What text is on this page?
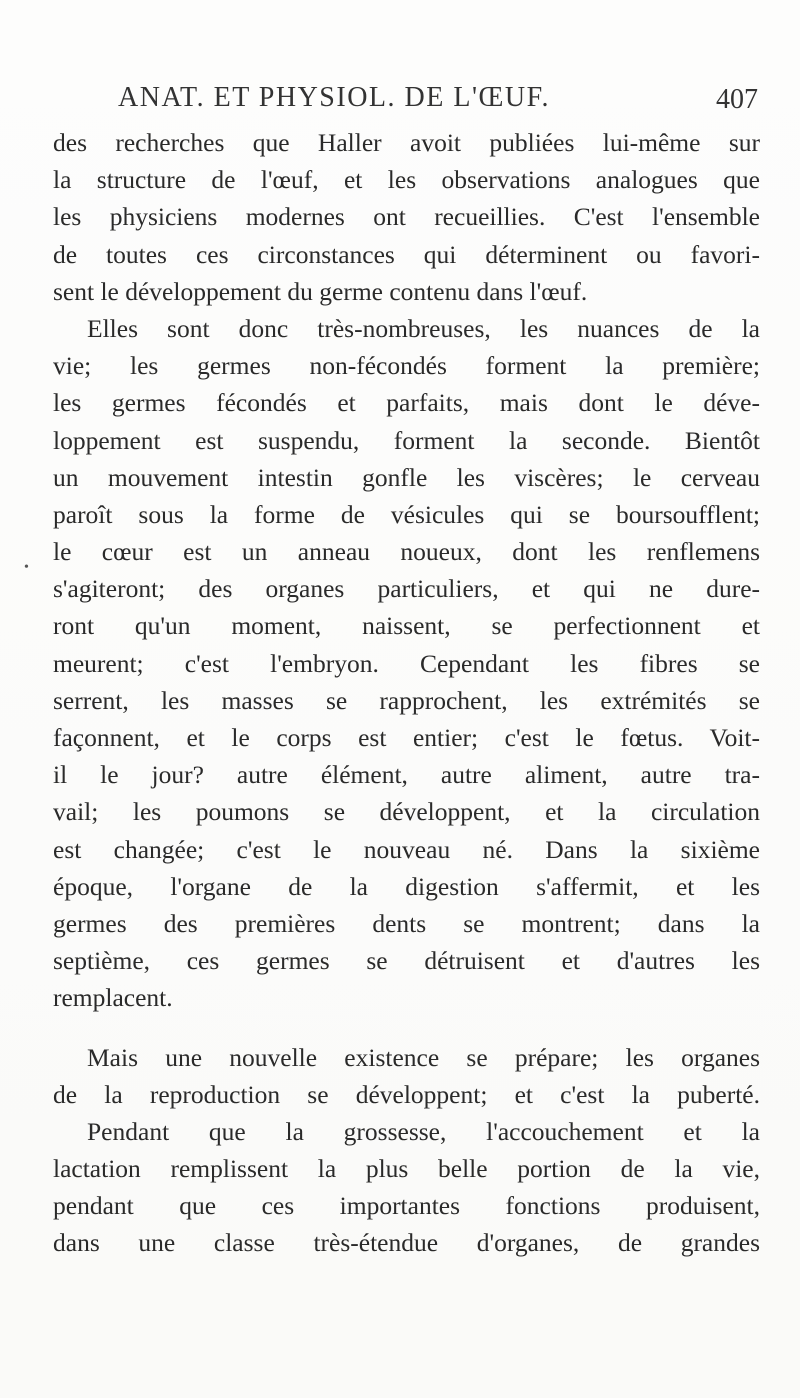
ANAT. ET PHYSIOL. DE L'ŒUF.	407
•
des recherches que Haller avoit publiées lui-même sur
la structure de l'œuf, et les observations analogues que
les physiciens modernes ont recueillies. C'est l'ensemble
de toutes ces circonstances qui déterminent ou favori-
sent le développement du germe contenu dans l'œuf.
Elles sont donc très-nombreuses, les nuances de la
vie; les germes non-fécondés forment la première;
les germes fécondés et parfaits, mais dont le déve-
loppement est suspendu, forment la seconde. Bientôt
un mouvement intestin gonfle les viscères; le cerveau
paroît sous la forme de vésicules qui se boursoufflent;
le cœur est un anneau noueux, dont les renflemens
s'agiteront; des organes particuliers, et qui ne dure-
ront qu'un moment, naissent, se perfectionnent et
meurent; c'est l'embryon. Cependant les fibres se
serrent, les masses se rapprochent, les extrémités se
façonnent, et le corps est entier; c'est le fœtus. Voit-
il le jour? autre élément, autre aliment, autre tra-
vail; les poumons se développent, et la circulation
est changée; c'est le nouveau né. Dans la sixième
époque, l'organe de la digestion s'affermit, et les
germes des premières dents se montrent; dans la
septième, ces germes se détruisent et d'autres les
remplacent.
Mais une nouvelle existence se prépare; les organes
de la reproduction se développent; et c'est la puberté.
Pendant que la grossesse, l'accouchement et la
lactation remplissent la plus belle portion de la vie,
pendant que ces importantes fonctions produisent,
dans une classe très-étendue d'organes, de grandes
